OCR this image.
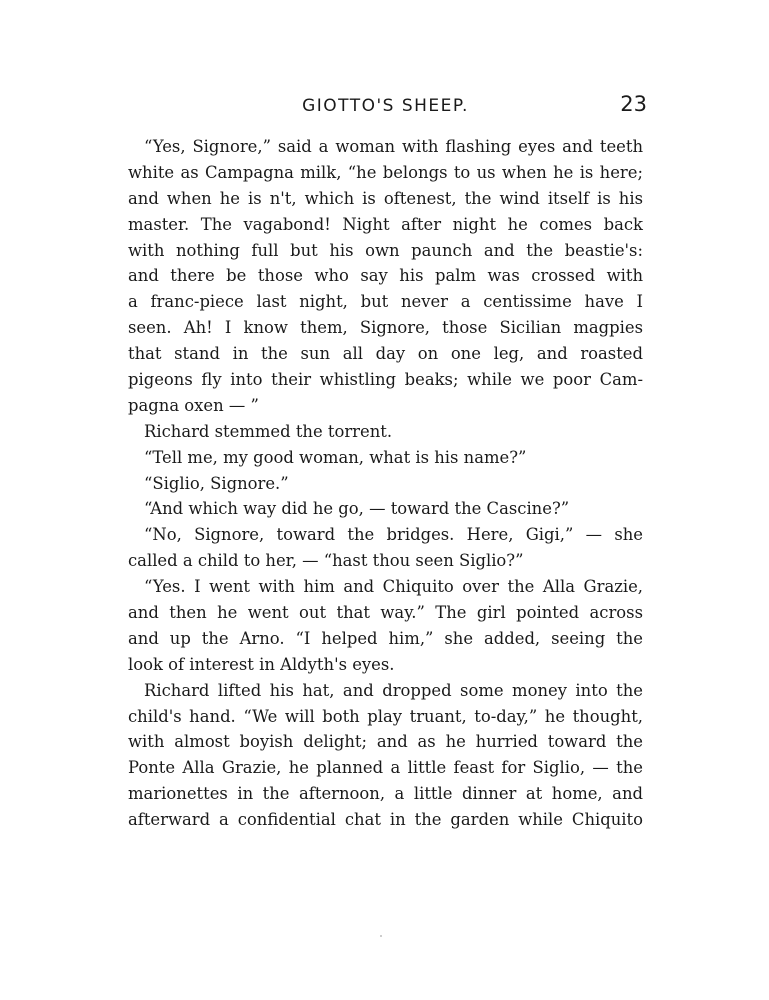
GIOTTO'S SHEEP.	23
“Yes, Signore,” said a woman with flashing eyes and teeth
white as Campagna milk, “he belongs to us when he is here;
and when he is n't, which is oftenest, the wind itself is his
master. The vagabond! Night after night he comes back
with nothing full but his own paunch and the beastie's:
and there be those who say his palm was crossed with
a franc-piece last night, but never a centissime have I
seen. Ah! I know them, Signore, those Sicilian magpies
that stand in the sun all day on one leg, and roasted
pigeons fly into their whistling beaks; while we poor Cam-
pagna oxen — ”
Richard stemmed the torrent.
“Tell me, my good woman, what is his name?”
“Siglio, Signore.”
“And which way did he go, — toward the Cascine?”
“No, Signore, toward the bridges. Here, Gigi,” — she
called a child to her, — “hast thou seen Siglio?”
“Yes. I went with him and Chiquito over the Alla Grazie,
and then he went out that way.” The girl pointed across
and up the Arno. “I helped him,” she added, seeing the
look of interest in Aldyth's eyes.
Richard lifted his hat, and dropped some money into the
child's hand. “We will both play truant, to-day,” he thought,
with almost boyish delight; and as he hurried toward the
Ponte Alla Grazie, he planned a little feast for Siglio, — the
marionettes in the afternoon, a little dinner at home, and
afterward a confidential chat in the garden while Chiquito
